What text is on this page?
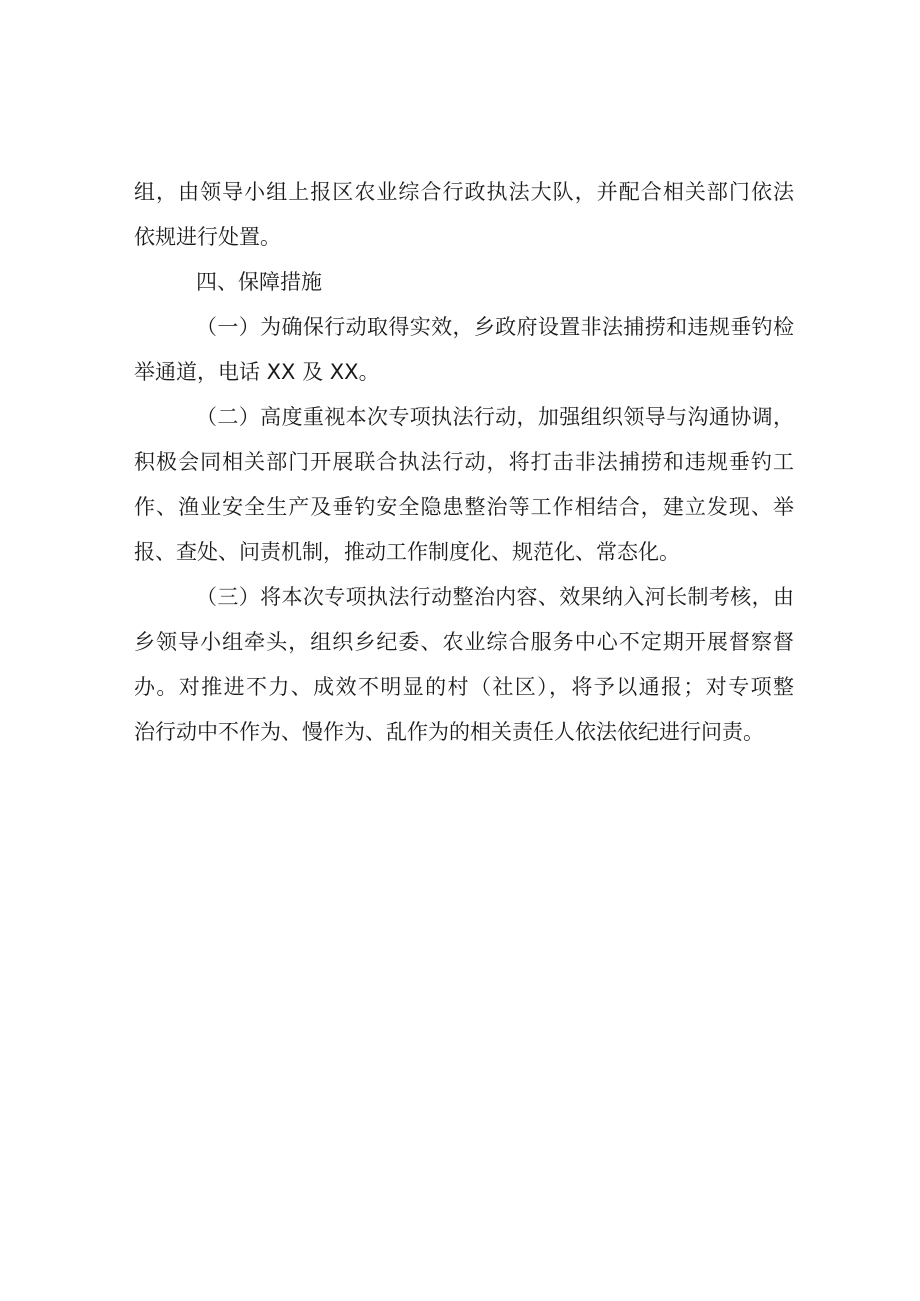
组，由领导小组上报区农业综合行政执法大队，并配合相关部门依法
依规进行处置。
四、保障措施
（一）为确保行动取得实效，乡政府设置非法捕捞和违规垂钓检
举通道，电话 XX 及 XX。
（二）高度重视本次专项执法行动，加强组织领导与沟通协调，
积极会同相关部门开展联合执法行动，将打击非法捕捞和违规垂钓工
作、渔业安全生产及垂钓安全隐患整治等工作相结合，建立发现、举
报、查处、问责机制，推动工作制度化、规范化、常态化。
（三）将本次专项执法行动整治内容、效果纳入河长制考核，由
乡领导小组牵头，组织乡纪委、农业综合服务中心不定期开展督察督
办。对推进不力、成效不明显的村（社区），将予以通报；对专项整
治行动中不作为、慢作为、乱作为的相关责任人依法依纪进行问责。
